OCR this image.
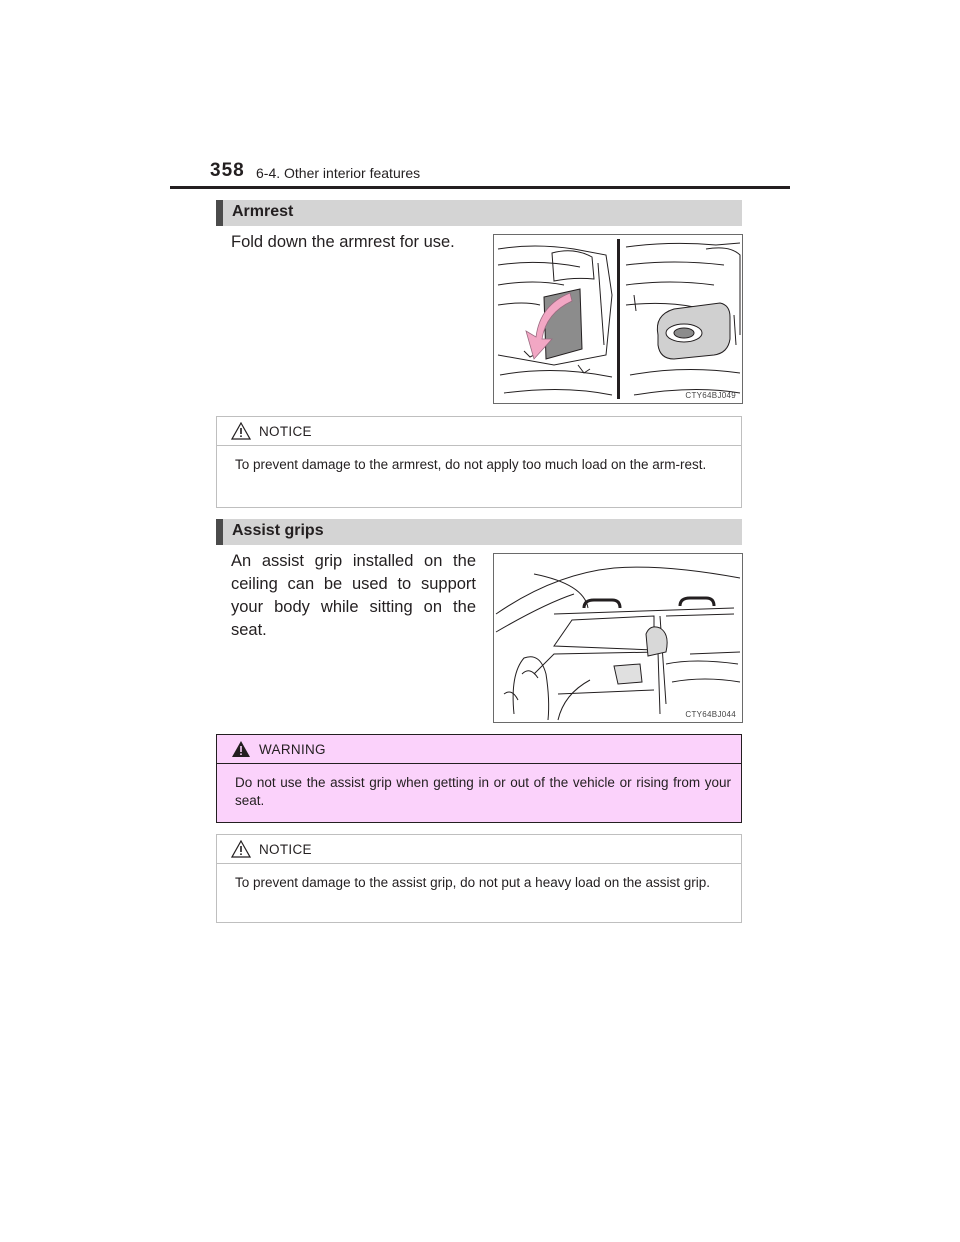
358 6-4. Other interior features
Armrest
Fold down the armrest for use.
CTY64BJ049
NOTICE
To prevent damage to the armrest, do not apply too much load on the arm-rest.
Assist grips
An assist grip installed on the ceiling can be used to support your body while sitting on the seat.
CTY64BJ044
WARNING
Do not use the assist grip when getting in or out of the vehicle or rising from your seat.
NOTICE
To prevent damage to the assist grip, do not put a heavy load on the assist grip.
